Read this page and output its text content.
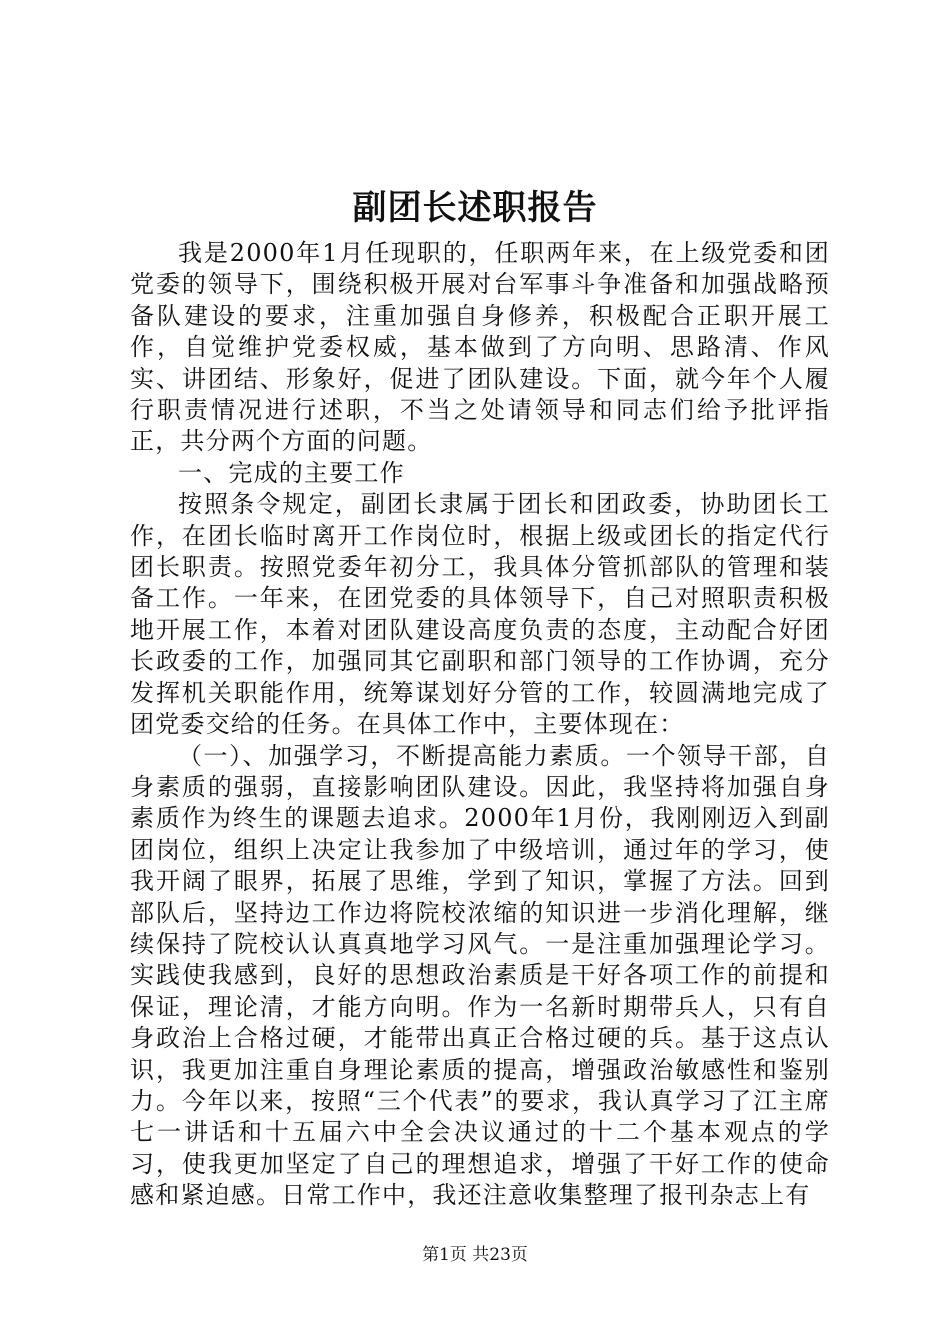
副团长述职报告

我是2000年1月任现职的，任职两年来，在上级党委和团党委的领导下，围绕积极开展对台军事斗争准备和加强战略预备队建设的要求，注重加强自身修养，积极配合正职开展工作，自觉维护党委权威，基本做到了方向明、思路清、作风实、讲团结、形象好，促进了团队建设。下面，就今年个人履行职责情况进行述职，不当之处请领导和同志们给予批评指正，共分两个方面的问题。

一、完成的主要工作

按照条令规定，副团长隶属于团长和团政委，协助团长工作，在团长临时离开工作岗位时，根据上级或团长的指定代行团长职责。按照党委年初分工，我具体分管抓部队的管理和装备工作。一年来，在团党委的具体领导下，自己对照职责积极地开展工作，本着对团队建设高度负责的态度，主动配合好团长政委的工作，加强同其它副职和部门领导的工作协调，充分发挥机关职能作用，统筹谋划好分管的工作，较圆满地完成了团党委交给的任务。在具体工作中，主要体现在：

（一）、加强学习，不断提高能力素质。一个领导干部，自身素质的强弱，直接影响团队建设。因此，我坚持将加强自身素质作为终生的课题去追求。2000年1月份，我刚刚迈入到副团岗位，组织上决定让我参加了中级培训，通过年的学习，使我开阔了眼界，拓展了思维，学到了知识，掌握了方法。回到部队后，坚持边工作边将院校浓缩的知识进一步消化理解，继续保持了院校认认真真地学习风气。一是注重加强理论学习。实践使我感到，良好的思想政治素质是干好各项工作的前提和保证，理论清，才能方向明。作为一名新时期带兵人，只有自身政治上合格过硬，才能带出真正合格过硬的兵。基于这点认识，我更加注重自身理论素质的提高，增强政治敏感性和鉴别力。今年以来，按照“三个代表”的要求，我认真学习了江主席七一讲话和十五届六中全会决议通过的十二个基本观点的学习，使我更加坚定了自己的理想追求，增强了干好工作的使命感和紧迫感。日常工作中，我还注意收集整理了报刊杂志上有

第1页 共23页
